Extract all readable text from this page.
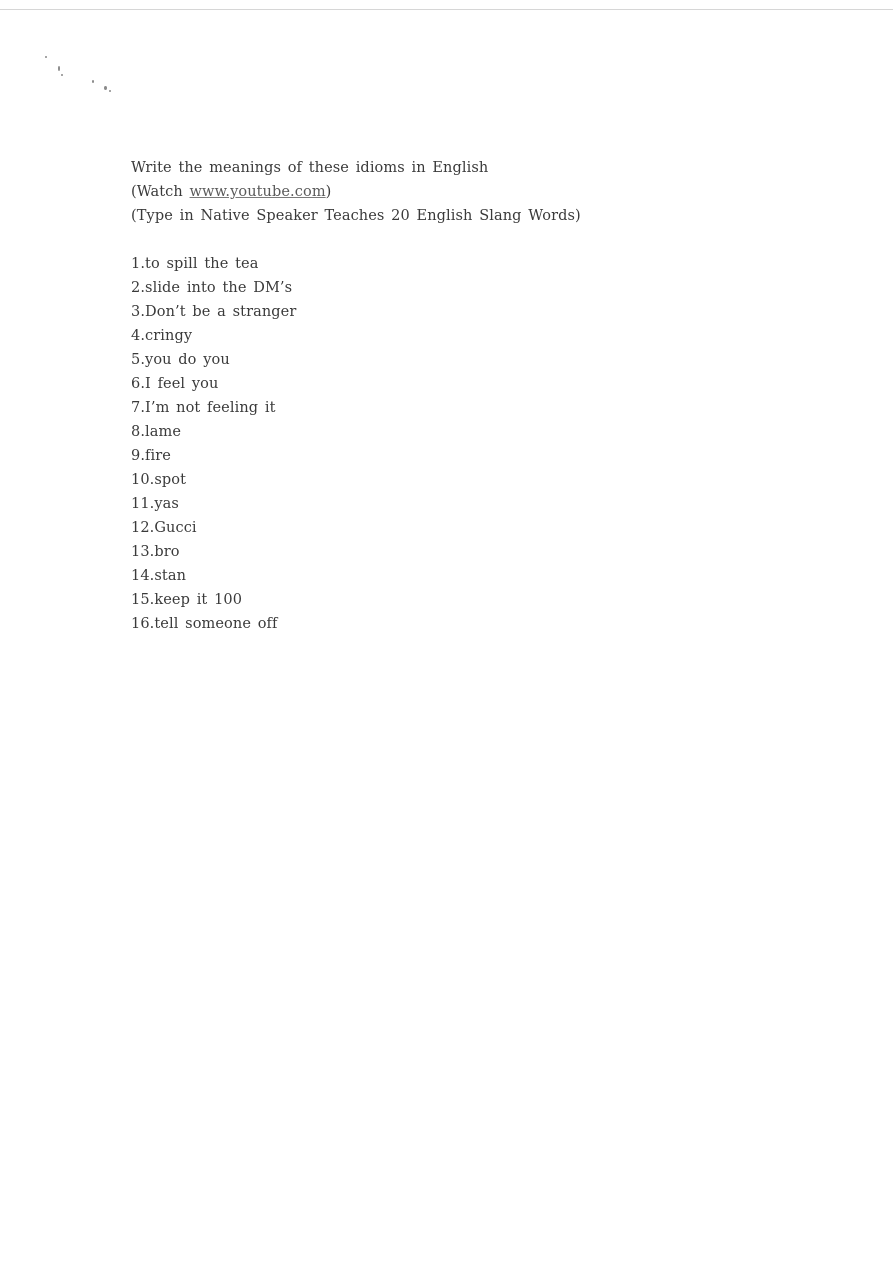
Write the meanings of these idioms in English
(Watch www.youtube.com)
(Type in Native Speaker Teaches 20 English Slang Words)
1.to spill the tea
2.slide into the DM’s
3.Don’t be a stranger
4.cringy
5.you do you
6.I feel you
7.I’m not feeling it
8.lame
9.fire
10.spot
11.yas
12.Gucci
13.bro
14.stan
15.keep it 100
16.tell someone off
